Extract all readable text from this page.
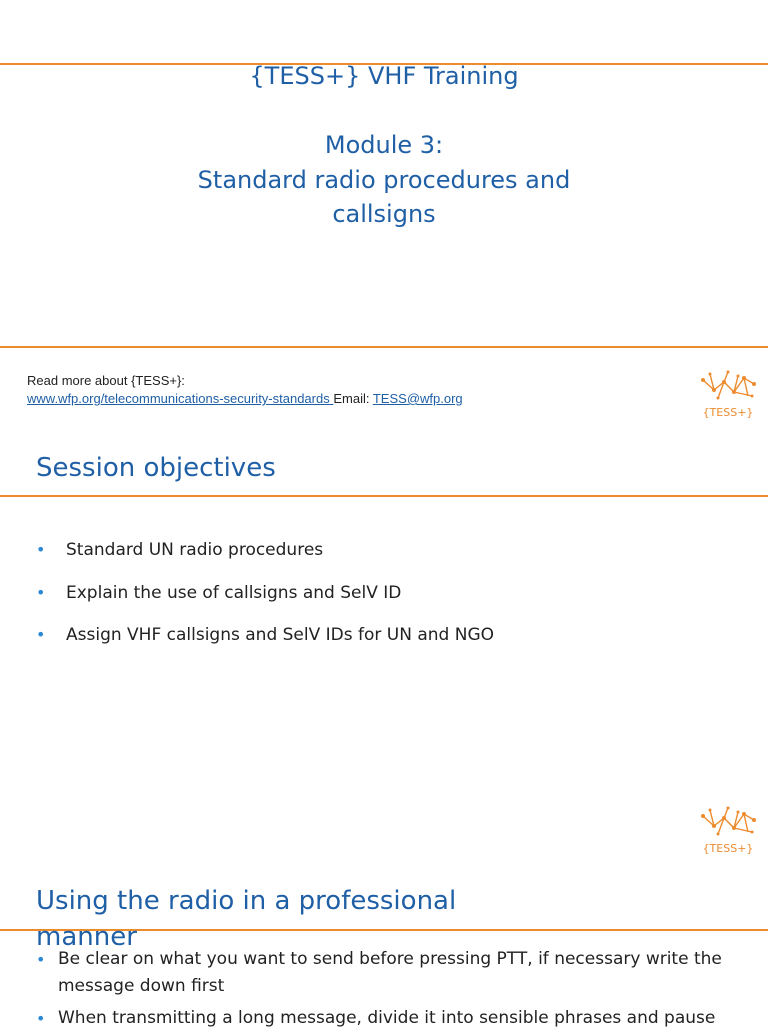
{TESS+} VHF Training
Module 3:
Standard radio procedures and
callsigns
Read more about {TESS+}:
www.wfp.org/telecommunications-security-standards Email: TESS@wfp.org
{TESS+}
Session objectives
• Standard UN radio procedures
• Explain the use of callsigns and SelV ID
• Assign VHF callsigns and SelV IDs for UN and NGO
{TESS+}
Using the radio in a professional
manner
• Be clear on what you want to send before pressing PTT, if necessary write the
message down first
• When transmitting a long message, divide it into sensible phrases and pause
